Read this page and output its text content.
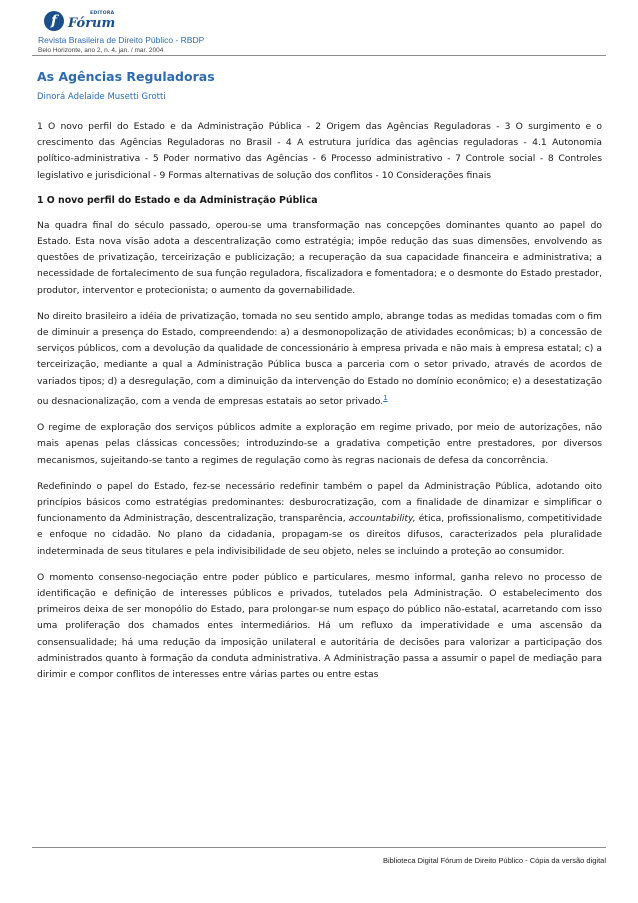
f	EDITORA
Fórum
Revista Brasileira de Direito Público - RBDP
Belo Horizonte, ano 2, n. 4, jan. / mar. 2004
As Agências Reguladoras
Dinorá Adelaide Musetti Grotti

1 O novo perfil do Estado e da Administração Pública - 2 Origem das Agências Reguladoras - 3 O surgimento e o crescimento das Agências Reguladoras no Brasil - 4 A estrutura jurídica das agências reguladoras - 4.1 Autonomia político-administrativa - 5 Poder normativo das Agências - 6 Processo administrativo - 7 Controle social - 8 Controles legislativo e jurisdicional - 9 Formas alternativas de solução dos conflitos - 10 Considerações finais

1 O novo perfil do Estado e da Administração Pública

Na quadra final do século passado, operou-se uma transformação nas concepções dominantes quanto ao papel do Estado. Esta nova visão adota a descentralização como estratégia; impõe redução das suas dimensões, envolvendo as questões de privatização, terceirização e publicização; a recuperação da sua capacidade financeira e administrativa; a necessidade de fortalecimento de sua função reguladora, fiscalizadora e fomentadora; e o desmonte do Estado prestador, produtor, interventor e protecionista; o aumento da governabilidade.

No direito brasileiro a idéia de privatização, tomada no seu sentido amplo, abrange todas as medidas tomadas com o fim de diminuir a presença do Estado, compreendendo: a) a desmonopolização de atividades econômicas; b) a concessão de serviços públicos, com a devolução da qualidade de concessionário à empresa privada e não mais à empresa estatal; c) a terceirização, mediante a qual a Administração Pública busca a parceria com o setor privado, através de acordos de variados tipos; d) a desregulação, com a diminuição da intervenção do Estado no domínio econômico; e) a desestatização ou desnacionalização, com a venda de empresas estatais ao setor privado.$^1$

O regime de exploração dos serviços públicos admite a exploração em regime privado, por meio de autorizações, não mais apenas pelas clássicas concessões; introduzindo-se a gradativa competição entre prestadores, por diversos mecanismos, sujeitando-se tanto a regimes de regulação como às regras nacionais de defesa da concorrência.

Redefinindo o papel do Estado, fez-se necessário redefinir também o papel da Administração Pública, adotando oito princípios básicos como estratégias predominantes: desburocratização, com a finalidade de dinamizar e simplificar o funcionamento da Administração, descentralização, transparência, accountability, ética, profissionalismo, competitividade e enfoque no cidadão. No plano da cidadania, propagam-se os direitos difusos, caracterizados pela pluralidade indeterminada de seus titulares e pela indivisibilidade de seu objeto, neles se incluindo a proteção ao consumidor.

O momento consenso-negociação entre poder público e particulares, mesmo informal, ganha relevo no processo de identificação e definição de interesses públicos e privados, tutelados pela Administração. O estabelecimento dos primeiros deixa de ser monopólio do Estado, para prolongar-se num espaço do público não-estatal, acarretando com isso uma proliferação dos chamados entes intermediários. Há um refluxo da imperatividade e uma ascensão da consensualidade; há uma redução da imposição unilateral e autoritária de decisões para valorizar a participação dos administrados quanto à formação da conduta administrativa. A Administração passa a assumir o papel de mediação para dirimir e compor conflitos de interesses entre várias partes ou entre estas

Biblioteca Digital Fórum de Direito Público - Cópia da versão digital
